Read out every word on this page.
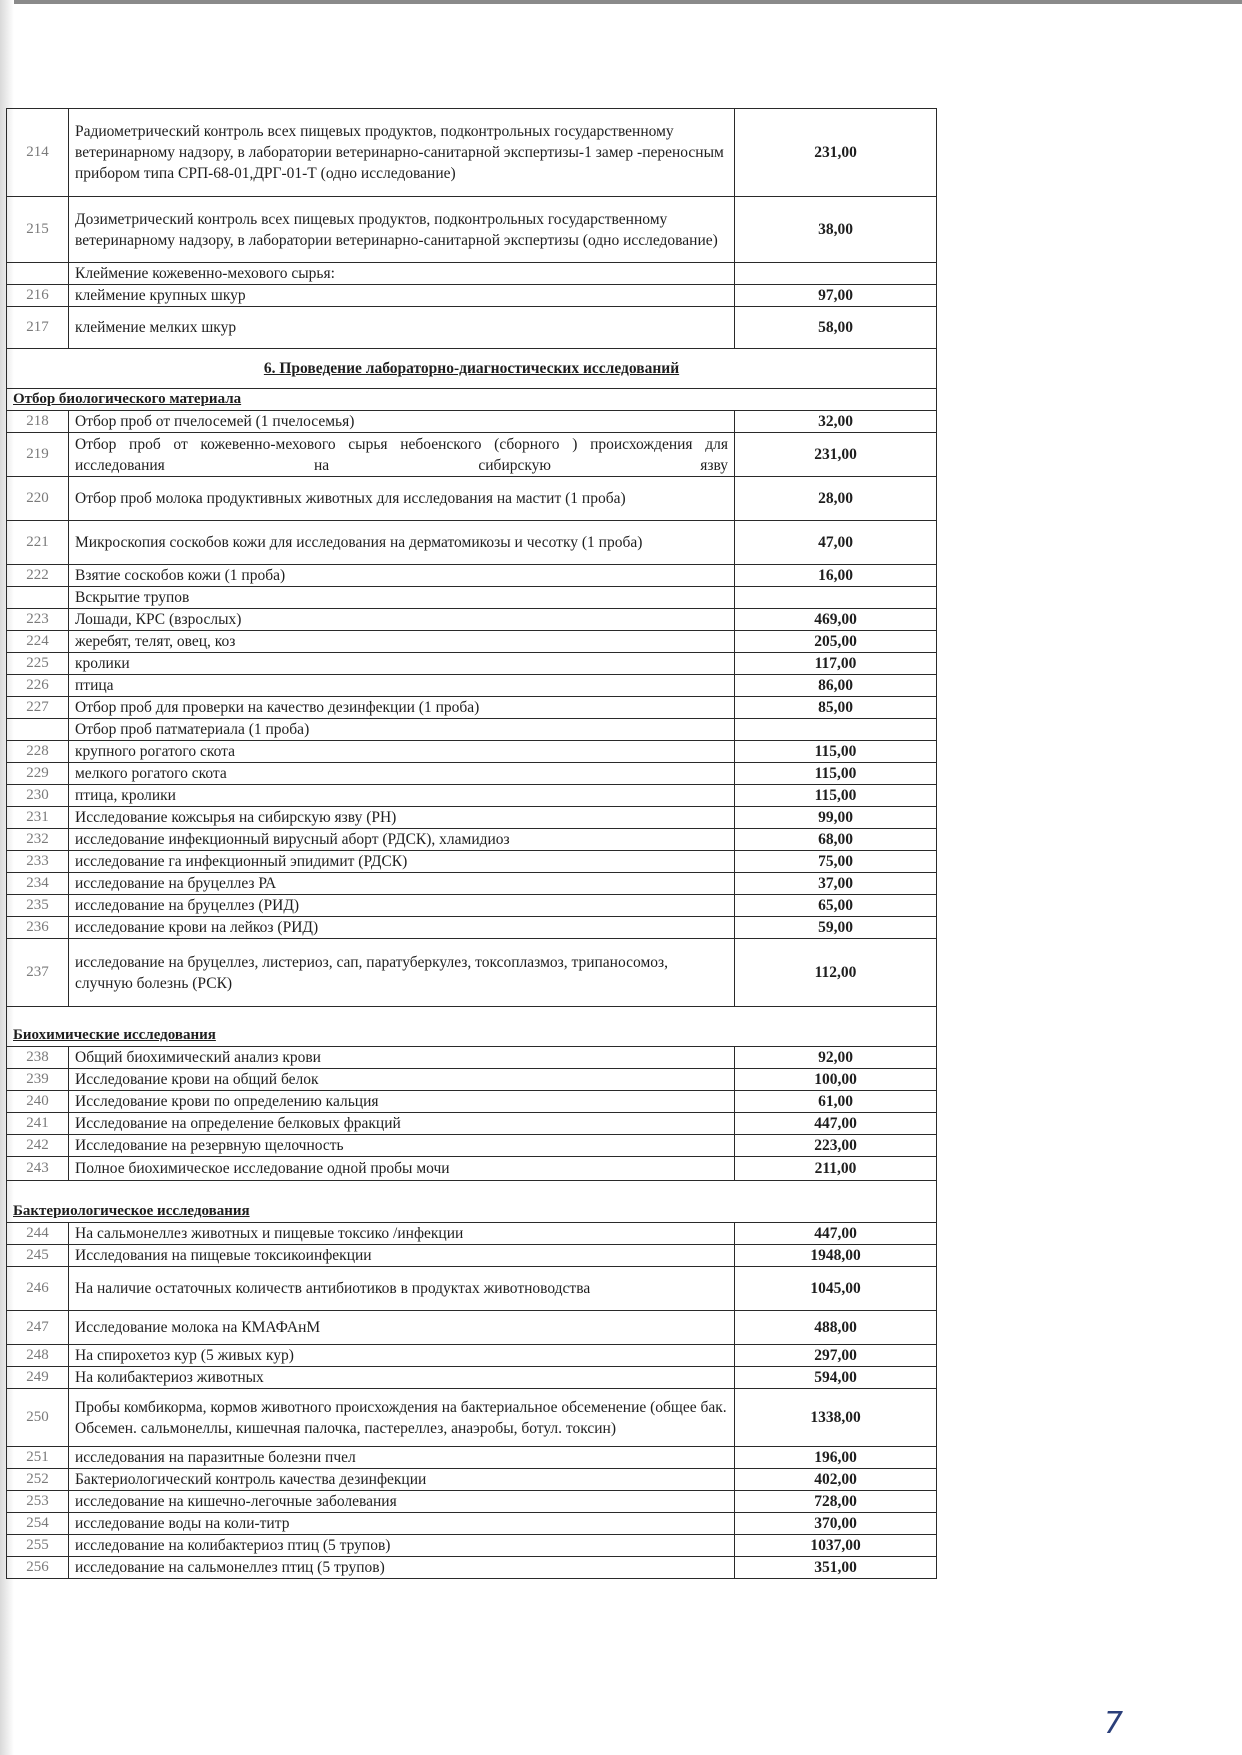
214	Радиометрический контроль всех пищевых продуктов, подконтрольных государственному ветеринарному надзору, в лаборатории ветеринарно-санитарной экспертизы-1 замер -переносным прибором типа СРП-68-01,ДРГ-01-Т (одно исследование)	231,00
215	Дозиметрический контроль всех пищевых продуктов, подконтрольных государственному ветеринарному надзору, в лаборатории ветеринарно-санитарной экспертизы (одно исследование)	38,00
	Клеймение кожевенно-мехового сырья:	
216	клеймение крупных шкур	97,00
217	клеймение мелких шкур	58,00
6. Проведение лабораторно-диагностических исследований		
Отбор биологического материала		
218	Отбор проб от пчелосемей (1 пчелосемья)	32,00
219	Отбор проб от кожевенно-мехового сырья небоенского (сборного ) происхождения для исследования на сибирскую язву	231,00
220	Отбор проб молока продуктивных животных для исследования на мастит (1 проба)	28,00
221	Микроскопия соскобов кожи для исследования на дерматомикозы и чесотку (1 проба)	47,00
222	Взятие соскобов кожи (1 проба)	16,00
	Вскрытие трупов	
223	Лошади, КРС (взрослых)	469,00
224	жеребят, телят, овец, коз	205,00
225	кролики	117,00
226	птица	86,00
227	Отбор проб для проверки на качество дезинфекции (1 проба)	85,00
	Отбор проб патматериала (1 проба)	
228	крупного рогатого скота	115,00
229	мелкого рогатого скота	115,00
230	птица, кролики	115,00
231	Исследование кожсырья на сибирскую язву (РН)	99,00
232	исследование инфекционный вирусный аборт (РДСК), хламидиоз	68,00
233	исследование га инфекционный эпидимит (РДСК)	75,00
234	исследование на бруцеллез РА	37,00
235	исследование на бруцеллез (РИД)	65,00
236	исследование крови на лейкоз (РИД)	59,00
237	исследование на бруцеллез, листериоз, сап, паратуберкулез, токсоплазмоз, трипаносомоз, случную болезнь (РСК)	112,00
Биохимические исследования		
238	Общий биохимический анализ крови	92,00
239	Исследование крови на общий белок	100,00
240	Исследование крови по определению кальция	61,00
241	Исследование на определение белковых фракций	447,00
242	Исследование на резервную щелочность	223,00
243	Полное биохимическое исследование одной пробы мочи	211,00
Бактериологическое исследования		
244	На сальмонеллез животных и пищевые токсико /инфекции	447,00
245	Исследования на пищевые токсикоинфекции	1948,00
246	На наличие остаточных количеств антибиотиков в продуктах животноводства	1045,00
247	Исследование молока на КМАФАнМ	488,00
248	На спирохетоз кур (5 живых кур)	297,00
249	На колибактериоз животных	594,00
250	Пробы комбикорма, кормов животного происхождения на бактериальное обсеменение (общее бак. Обсемен. сальмонеллы, кишечная палочка, пастереллез, анаэробы, ботул. токсин)	1338,00
251	исследования на паразитные болезни пчел	196,00
252	Бактериологический контроль качества дезинфекции	402,00
253	исследование на кишечно-легочные заболевания	728,00
254	исследование воды на коли-титр	370,00
255	исследование на колибактериоз птиц (5 трупов)	1037,00
256	исследование на сальмонеллез птиц (5 трупов)	351,00
7
